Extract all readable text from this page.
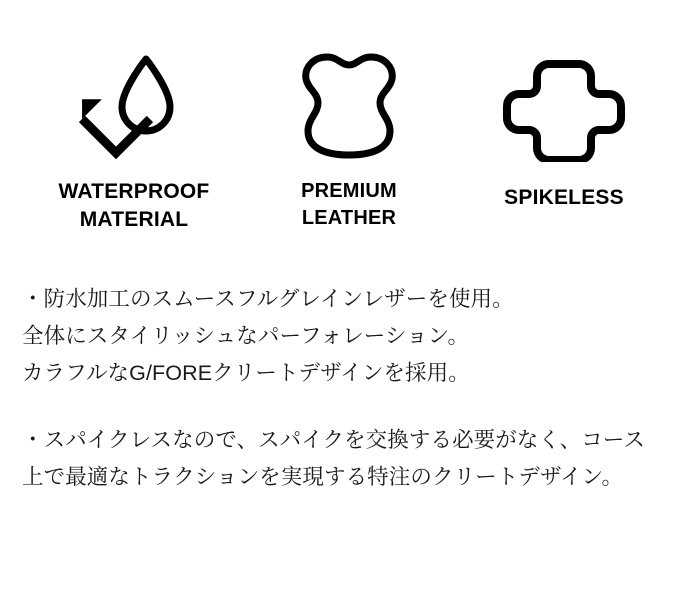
WATERPROOF
MATERIAL
PREMIUM
LEATHER
SPIKELESS
・防水加工のスムースフルグレインレザーを使用。
全体にスタイリッシュなパーフォレーション。
カラフルなG/FOREクリートデザインを採用。
・スパイクレスなので、スパイクを交換する必要がなく、コース
上で最適なトラクションを実現する特注のクリートデザイン。
